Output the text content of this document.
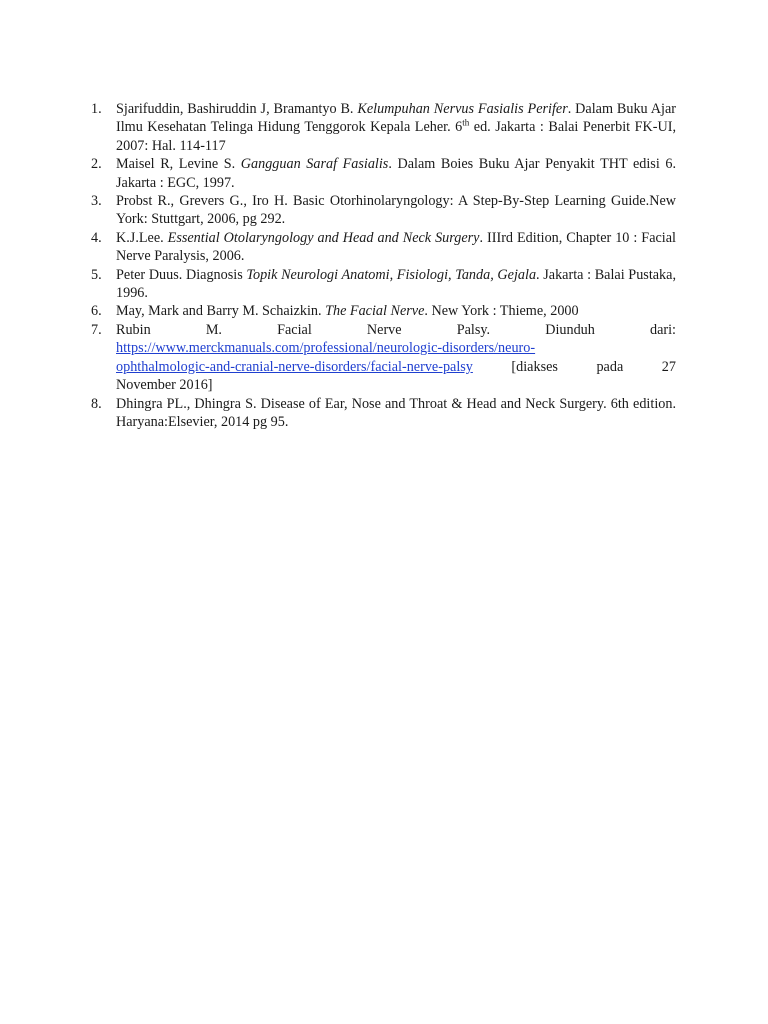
1.	Sjarifuddin, Bashiruddin J, Bramantyo B. Kelumpuhan Nervus Fasialis Perifer. Dalam Buku Ajar Ilmu Kesehatan Telinga Hidung Tenggorok Kepala Leher. 6th ed. Jakarta : Balai Penerbit FK-UI, 2007: Hal. 114-117
2.	Maisel R, Levine S. Gangguan Saraf Fasialis. Dalam Boies Buku Ajar Penyakit THT edisi 6. Jakarta : EGC, 1997.
3.	Probst R., Grevers G., Iro H. Basic Otorhinolaryngology: A Step-By-Step Learning Guide.New York: Stuttgart, 2006, pg 292.
4.	K.J.Lee. Essential Otolaryngology and Head and Neck Surgery. IIIrd Edition, Chapter 10 : Facial Nerve Paralysis, 2006.
5.	Peter Duus. Diagnosis Topik Neurologi Anatomi, Fisiologi, Tanda, Gejala. Jakarta : Balai Pustaka, 1996.
6.	May, Mark and Barry M. Schaizkin. The Facial Nerve. New York : Thieme, 2000
7.	Rubin	M.	Facial	Nerve	Palsy.	Diunduh	dari:
https://www.merckmanuals.com/professional/neurologic-disorders/neuro-
ophthalmologic-and-cranial-nerve-disorders/facial-nerve-palsy	[diakses	pada	27
November 2016]
8.	Dhingra PL., Dhingra S. Disease of Ear, Nose and Throat & Head and Neck Surgery. 6th edition. Haryana:Elsevier, 2014 pg 95.
